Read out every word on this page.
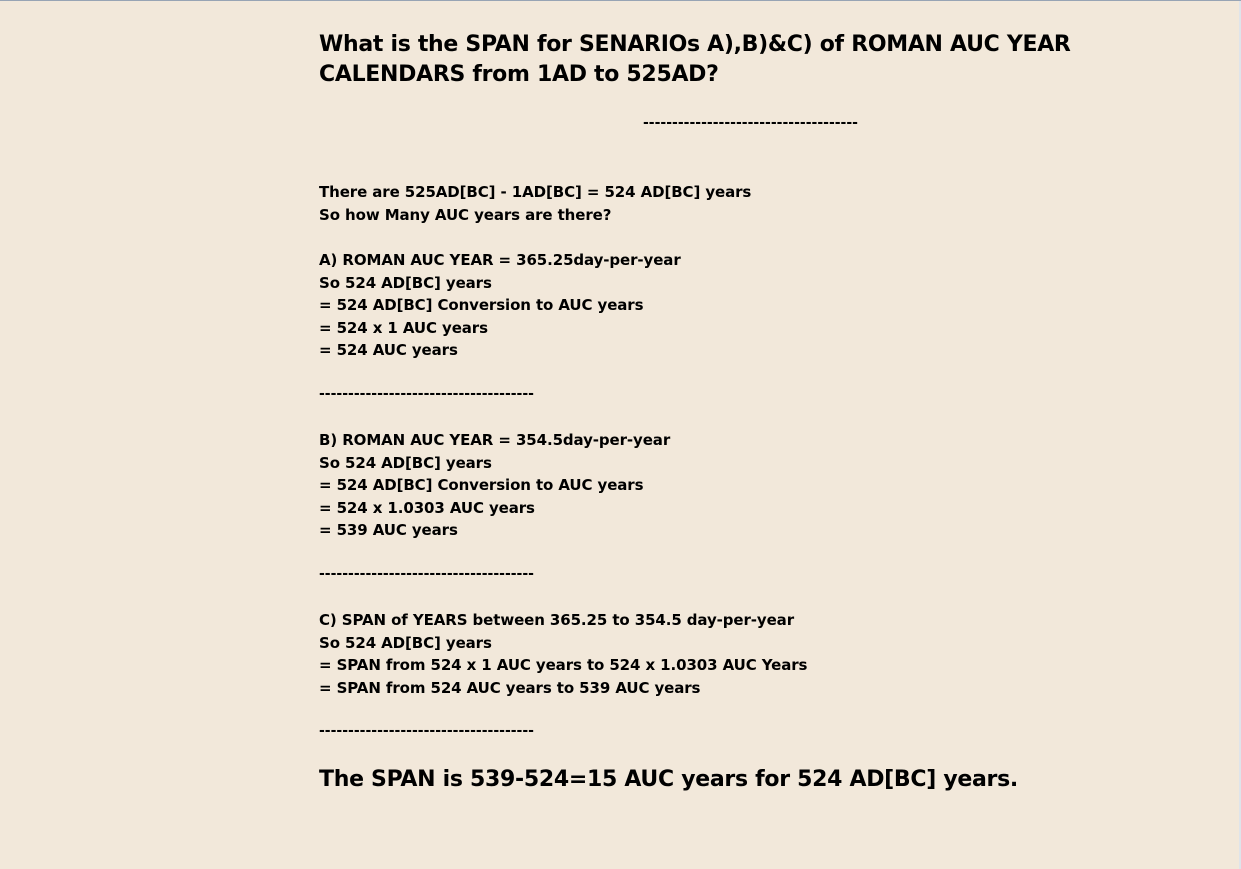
What is the SPAN for SENARIOs A),B)&C) of ROMAN AUC YEAR
CALENDARS from 1AD to 525AD?
-------------------------------------
There are 525AD[BC] - 1AD[BC] = 524 AD[BC] years
So how Many AUC years are there?
A) ROMAN AUC YEAR = 365.25day-per-year
So 524 AD[BC] years
= 524 AD[BC] Conversion to AUC years
= 524 x 1 AUC years
= 524 AUC years
-------------------------------------
B) ROMAN AUC YEAR = 354.5day-per-year
So 524 AD[BC] years
= 524 AD[BC] Conversion to AUC years
= 524 x 1.0303 AUC years
= 539 AUC years
-------------------------------------
C) SPAN of YEARS between 365.25 to 354.5 day-per-year
So 524 AD[BC] years
= SPAN from 524 x 1 AUC years to 524 x 1.0303 AUC Years
= SPAN from 524 AUC years to 539 AUC years
-------------------------------------

The SPAN is 539-524=15 AUC years for 524 AD[BC] years.
